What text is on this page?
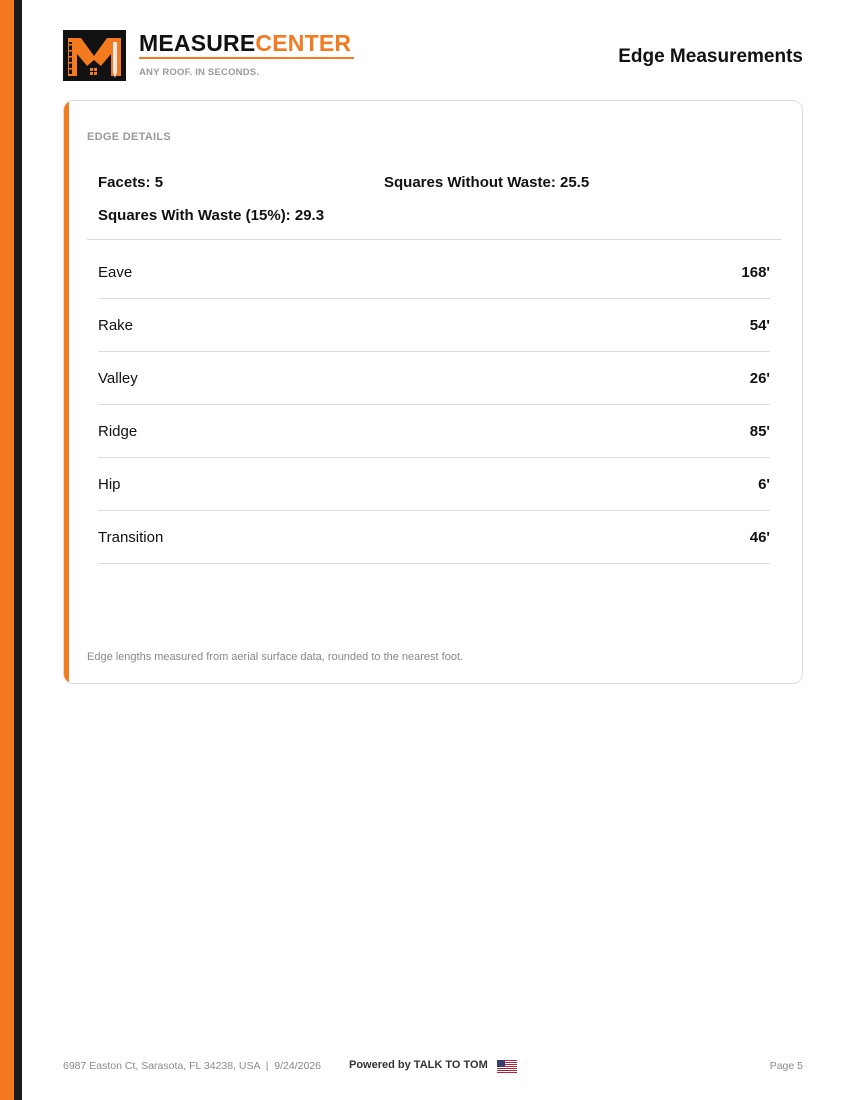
MEASURECENTER
ANY ROOF. IN SECONDS.
Edge Measurements
EDGE DETAILS
Facets: 5	Squares Without Waste: 25.5
Squares With Waste (15%): 29.3
Eave	168'
Rake	54'
Valley	26'
Ridge	85'
Hip	6'
Transition	46'
Edge lengths measured from aerial surface data, rounded to the nearest foot.
6987 Easton Ct, Sarasota, FL 34238, USA  |  9/24/2026	Powered by TALK TO TOM	Page 5
